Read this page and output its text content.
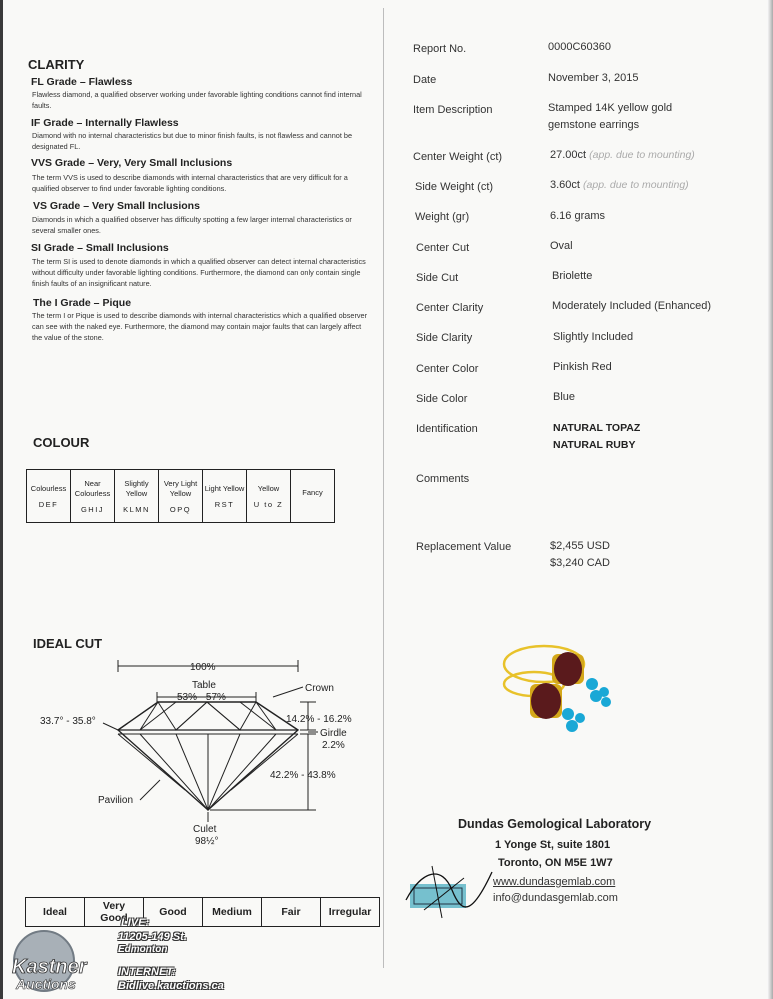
CLARITY
FL Grade – Flawless
Flawless diamond, a qualified observer working under favorable lighting conditions cannot find internal faults.
IF Grade – Internally Flawless
Diamond with no internal characteristics but due to minor finish faults, is not flawless and cannot be designated FL.
VVS Grade – Very, Very Small Inclusions
The term VVS is used to describe diamonds with internal characteristics that are very difficult for a qualified observer to find under favorable lighting conditions.
VS Grade – Very Small Inclusions
Diamonds in which a qualified observer has difficulty spotting a few larger internal characteristics or several smaller ones.
SI Grade – Small Inclusions
The term SI is used to denote diamonds in which a qualified observer can detect internal characteristics without difficulty under favorable lighting conditions. Furthermore, the diamond can only contain single finish faults of an insignificant nature.
The I Grade – Pique
The term I or Pique is used to describe diamonds with internal characteristics which a qualified observer can see with the naked eye. Furthermore, the diamond may contain major faults that can largely affect the value of the stone.
COLOUR
Colourless
DEF

Near Colourless
GHIJ

Slightly Yellow
KLMN

Very Light Yellow
OPQ

Light Yellow
RST

Yellow
U to Z

Fancy
IDEAL CUT
100%
Table
53% - 57%
Crown
33.7° - 35.8°	14.2% - 16.2%
Girdle
2.2%
42.2% - 43.8%
Pavilion
Culet
98½°
Ideal	Very Good	Good	Medium	Fair	Irregular
Report No.	0000C60360
Date	November 3, 2015
Item Description	Stamped 14K yellow gold
gemstone earrings
Center Weight (ct)	27.00ct (app. due to mounting)
Side Weight (ct)	3.60ct (app. due to mounting)
Weight (gr)	6.16 grams
Center Cut	Oval
Side Cut	Briolette
Center Clarity	Moderately Included (Enhanced)
Side Clarity	Slightly Included
Center Color	Pinkish Red
Side Color	Blue
Identification	NATURAL TOPAZ
NATURAL RUBY
Comments
Replacement Value	$2,455 USD
$3,240 CAD
Dundas Gemological Laboratory
1 Yonge St, suite 1801
Toronto, ON M5E 1W7
www.dundasgemlab.com
info@dundasgemlab.com
Kastner
Auctions
LIVE:
11205-149 St.
Edmonton
INTERNET:
Bidlive.kauctions.ca
